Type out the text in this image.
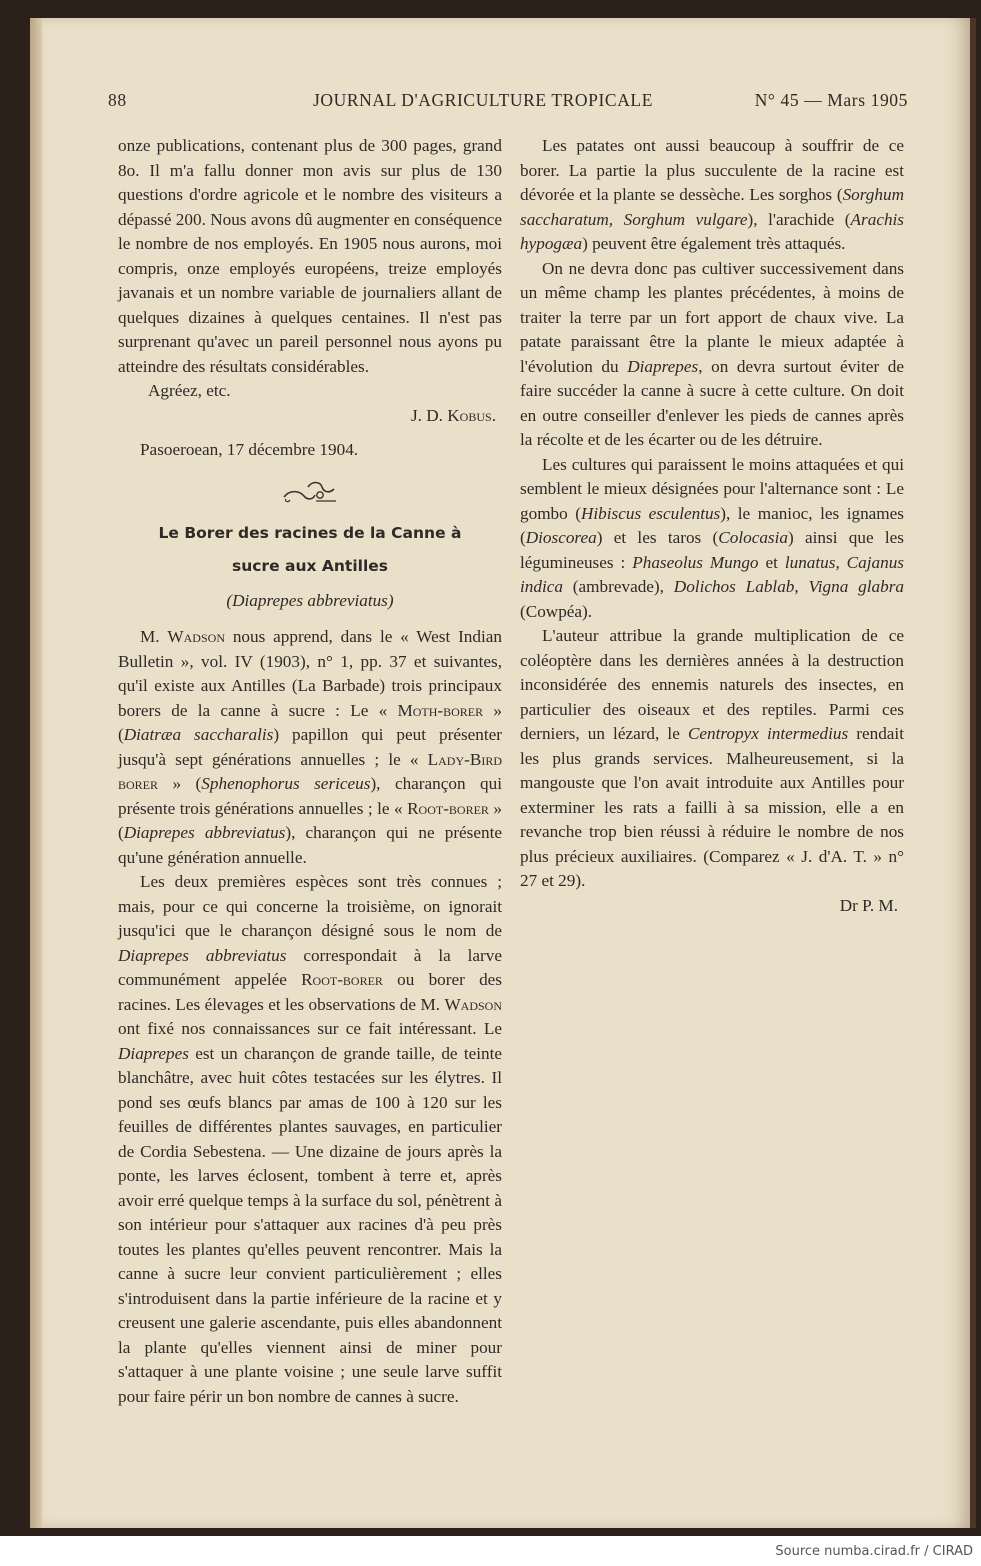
88	JOURNAL D'AGRICULTURE TROPICALE	N° 45 — Mars 1905

onze publications, contenant plus de 300 pages, grand 8o. Il m'a fallu donner mon avis sur plus de 130 questions d'ordre agricole et le nombre des visiteurs a dépassé 200. Nous avons dû augmenter en conséquence le nombre de nos employés. En 1905 nous aurons, moi compris, onze employés européens, treize employés javanais et un nombre variable de journaliers allant de quelques dizaines à quelques centaines. Il n'est pas surprenant qu'avec un pareil personnel nous ayons pu atteindre des résultats considérables.

Agréez, etc.

J. D. Kobus.

Pasoeroean, 17 décembre 1904.

Le Borer des racines de la Canne à
sucre aux Antilles

(Diaprepes abbreviatus)

M. Wadson nous apprend, dans le « West Indian Bulletin », vol. IV (1903), n° 1, pp. 37 et suivantes, qu'il existe aux Antilles (La Barbade) trois principaux borers de la canne à sucre : Le « Moth-borer » (Diatræa saccharalis) papillon qui peut présenter jusqu'à sept générations annuelles ; le « Lady-Bird borer » (Sphenophorus sericeus), charançon qui présente trois générations annuelles ; le « Root-borer » (Diaprepes abbreviatus), charançon qui ne présente qu'une génération annuelle.

Les deux premières espèces sont très connues ; mais, pour ce qui concerne la troisième, on ignorait jusqu'ici que le charançon désigné sous le nom de Diaprepes abbreviatus correspondait à la larve communément appelée Root-borer ou borer des racines. Les élevages et les observations de M. Wadson ont fixé nos connaissances sur ce fait intéressant. Le Diaprepes est un charançon de grande taille, de teinte blanchâtre, avec huit côtes testacées sur les élytres. Il pond ses œufs blancs par amas de 100 à 120 sur les feuilles de différentes plantes sauvages, en particulier de Cordia Sebestena. — Une dizaine de jours après la ponte, les larves éclosent, tombent à terre et, après avoir erré quelque temps à la surface du sol, pénètrent à son intérieur pour s'attaquer aux racines d'à peu près toutes les plantes qu'elles peuvent rencontrer. Mais la canne à sucre leur convient particulièrement ; elles s'introduisent dans la partie inférieure de la racine et y creusent une galerie ascendante, puis elles abandonnent la plante qu'elles viennent ainsi de miner pour s'attaquer à une plante voisine ; une seule larve suffit pour faire périr un bon nombre de cannes à sucre.

Les patates ont aussi beaucoup à souffrir de ce borer. La partie la plus succulente de la racine est dévorée et la plante se dessèche. Les sorghos (Sorghum saccharatum, Sorghum vulgare), l'arachide (Arachis hypogæa) peuvent être également très attaqués.

On ne devra donc pas cultiver successivement dans un même champ les plantes précédentes, à moins de traiter la terre par un fort apport de chaux vive. La patate paraissant être la plante le mieux adaptée à l'évolution du Diaprepes, on devra surtout éviter de faire succéder la canne à sucre à cette culture. On doit en outre conseiller d'enlever les pieds de cannes après la récolte et de les écarter ou de les détruire.

Les cultures qui paraissent le moins attaquées et qui semblent le mieux désignées pour l'alternance sont : Le gombo (Hibiscus esculentus), le manioc, les ignames (Dioscorea) et les taros (Colocasia) ainsi que les légumineuses : Phaseolus Mungo et lunatus, Cajanus indica (ambrevade), Dolichos Lablab, Vigna glabra (Cowpéa).

L'auteur attribue la grande multiplication de ce coléoptère dans les dernières années à la destruction inconsidérée des ennemis naturels des insectes, en particulier des oiseaux et des reptiles. Parmi ces derniers, un lézard, le Centropyx intermedius rendait les plus grands services. Malheureusement, si la mangouste que l'on avait introduite aux Antilles pour exterminer les rats a failli à sa mission, elle a en revanche trop bien réussi à réduire le nombre de nos plus précieux auxiliaires. (Comparez « J. d'A. T. » n° 27 et 29).

Dr P. M.

Source numba.cirad.fr / CIRAD
